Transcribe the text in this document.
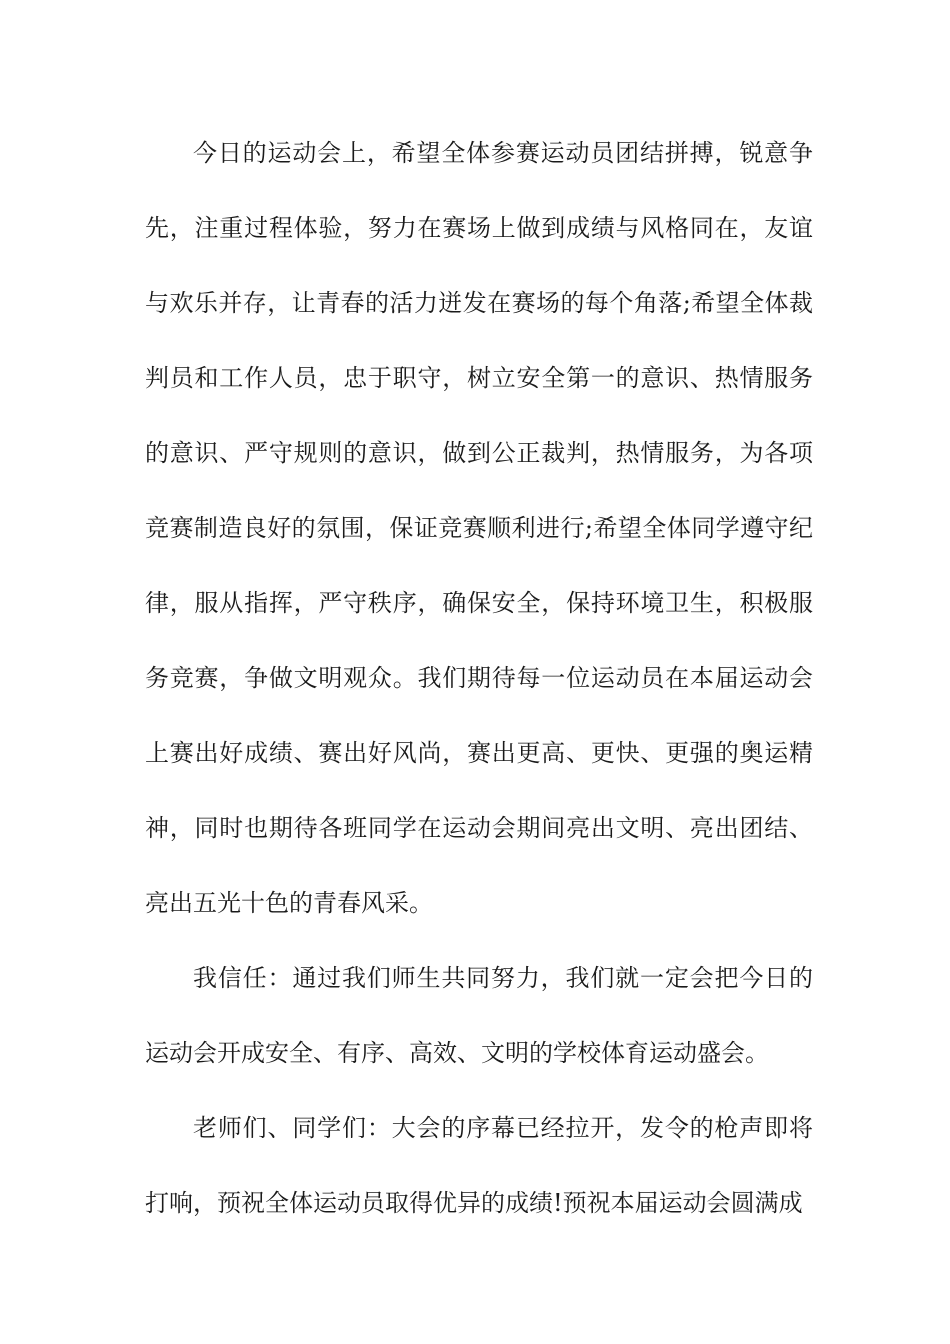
今日的运动会上，希望全体参赛运动员团结拼搏，锐意争先，注重过程体验，努力在赛场上做到成绩与风格同在，友谊与欢乐并存，让青春的活力迸发在赛场的每个角落;希望全体裁判员和工作人员，忠于职守，树立安全第一的意识、热情服务的意识、严守规则的意识，做到公正裁判，热情服务，为各项竞赛制造良好的氛围，保证竞赛顺利进行;希望全体同学遵守纪律，服从指挥，严守秩序，确保安全，保持环境卫生，积极服务竞赛，争做文明观众。我们期待每一位运动员在本届运动会上赛出好成绩、赛出好风尚，赛出更高、更快、更强的奥运精神，同时也期待各班同学在运动会期间亮出文明、亮出团结、亮出五光十色的青春风采。

我信任：通过我们师生共同努力，我们就一定会把今日的运动会开成安全、有序、高效、文明的学校体育运动盛会。

老师们、同学们：大会的序幕已经拉开，发令的枪声即将打响，预祝全体运动员取得优异的成绩!预祝本届运动会圆满成
